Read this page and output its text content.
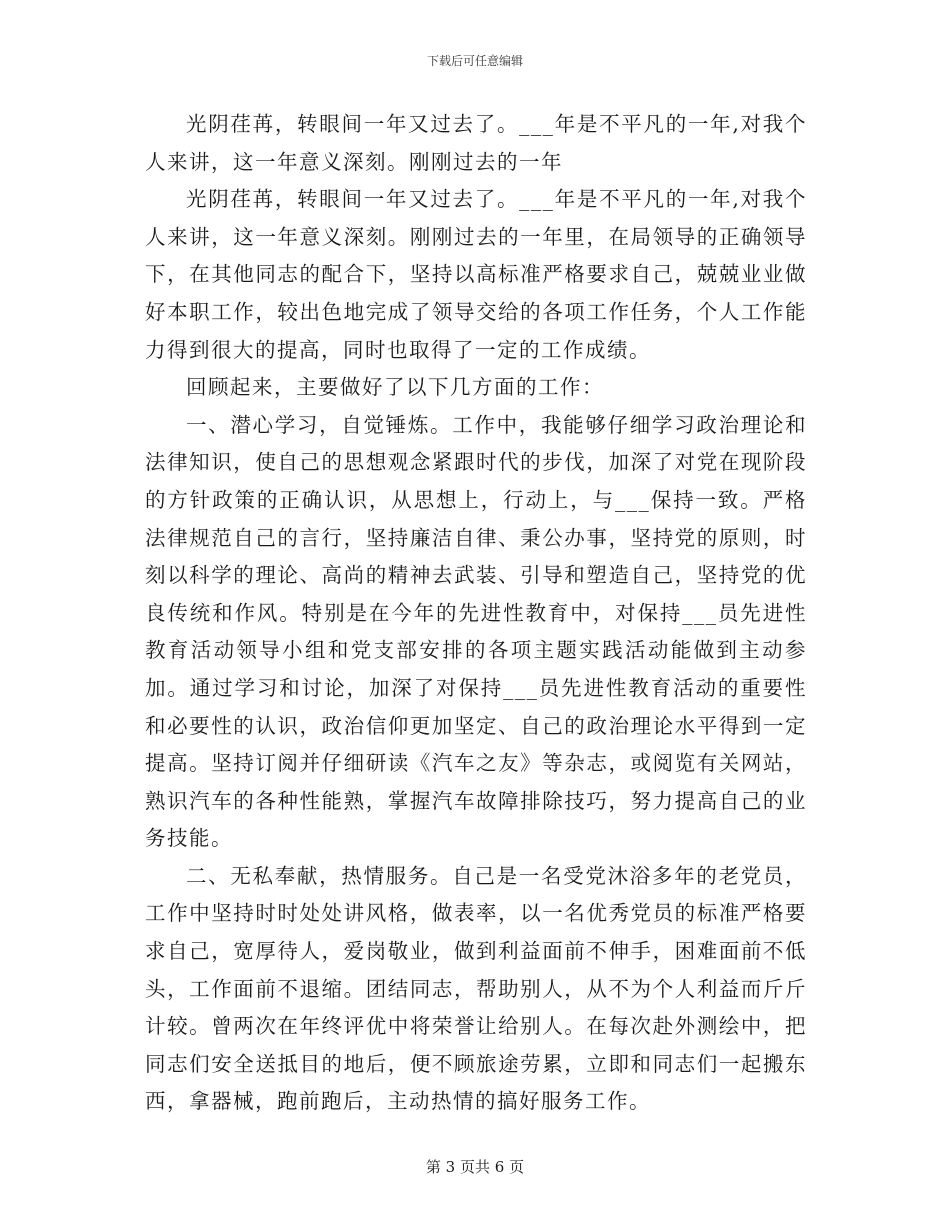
下载后可任意编辑

光阴荏苒，转眼间一年又过去了。___年是不平凡的一年,对我个人来讲，这一年意义深刻。刚刚过去的一年

光阴荏苒，转眼间一年又过去了。___年是不平凡的一年,对我个人来讲，这一年意义深刻。刚刚过去的一年里，在局领导的正确领导下，在其他同志的配合下，坚持以高标准严格要求自己，兢兢业业做好本职工作，较出色地完成了领导交给的各项工作任务，个人工作能力得到很大的提高，同时也取得了一定的工作成绩。

回顾起来，主要做好了以下几方面的工作：

一、潜心学习，自觉锤炼。工作中，我能够仔细学习政治理论和法律知识，使自己的思想观念紧跟时代的步伐，加深了对党在现阶段的方针政策的正确认识，从思想上，行动上，与___保持一致。严格法律规范自己的言行，坚持廉洁自律、秉公办事，坚持党的原则，时刻以科学的理论、高尚的精神去武装、引导和塑造自己，坚持党的优良传统和作风。特别是在今年的先进性教育中，对保持___员先进性教育活动领导小组和党支部安排的各项主题实践活动能做到主动参加。通过学习和讨论，加深了对保持___员先进性教育活动的重要性和必要性的认识，政治信仰更加坚定、自己的政治理论水平得到一定提高。坚持订阅并仔细研读《汽车之友》等杂志，或阅览有关网站，熟识汽车的各种性能熟，掌握汽车故障排除技巧，努力提高自己的业务技能。

二、无私奉献，热情服务。自己是一名受党沐浴多年的老党员，工作中坚持时时处处讲风格，做表率，以一名优秀党员的标准严格要求自己，宽厚待人，爱岗敬业，做到利益面前不伸手，困难面前不低头，工作面前不退缩。团结同志，帮助别人，从不为个人利益而斤斤计较。曾两次在年终评优中将荣誉让给别人。在每次赴外测绘中，把同志们安全送抵目的地后，便不顾旅途劳累，立即和同志们一起搬东西，拿器械，跑前跑后，主动热情的搞好服务工作。

第 3 页共 6 页
